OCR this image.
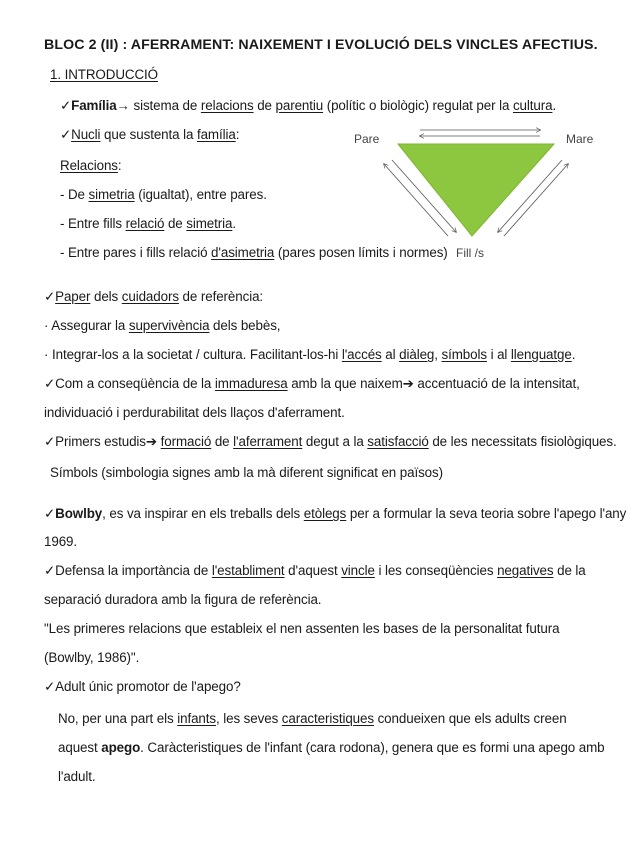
BLOC 2 (II) : AFERRAMENT: NAIXEMENT I EVOLUCIÓ DELS VINCLES AFECTIUS.
1. INTRODUCCIÓ
✓Família→ sistema de relacions de parentiu (polític o biològic) regulat per la cultura.
✓Nucli que sustenta la família:
Relacions:
- De simetria (igualtat), entre pares.
- Entre fills relació de simetria.
- Entre pares i fills relació d'asimetria (pares posen límits i normes)
Pare	Mare
Fill /s
✓Paper dels cuidadors de referència:
· Assegurar la supervivència dels bebès,
· Integrar-los a la societat / cultura. Facilitant-los-hi l'accés al diàleg, símbols i al llenguatge.
✓Com a conseqüència de la immaduresa amb la que naixem➔ accentuació de la intensitat,
individuació i perdurabilitat dels llaços d'aferrament.
✓Primers estudis➔ formació de l'aferrament degut a la satisfacció de les necessitats fisiològiques.
Símbols (simbologia signes amb la mà diferent significat en països)
✓Bowlby, es va inspirar en els treballs dels etòlegs per a formular la seva teoria sobre l'apego l'any
1969.
✓Defensa la importància de l'establiment d'aquest vincle i les conseqüències negatives de la
separació duradora amb la figura de referència.
"Les primeres relacions que estableix el nen assenten les bases de la personalitat futura
(Bowlby, 1986)".
✓Adult únic promotor de l'apego?
No, per una part els infants, les seves caracteristiques condueixen que els adults creen
aquest apego. Caràcteristiques de l'infant (cara rodona), genera que es formi una apego amb
l'adult.
